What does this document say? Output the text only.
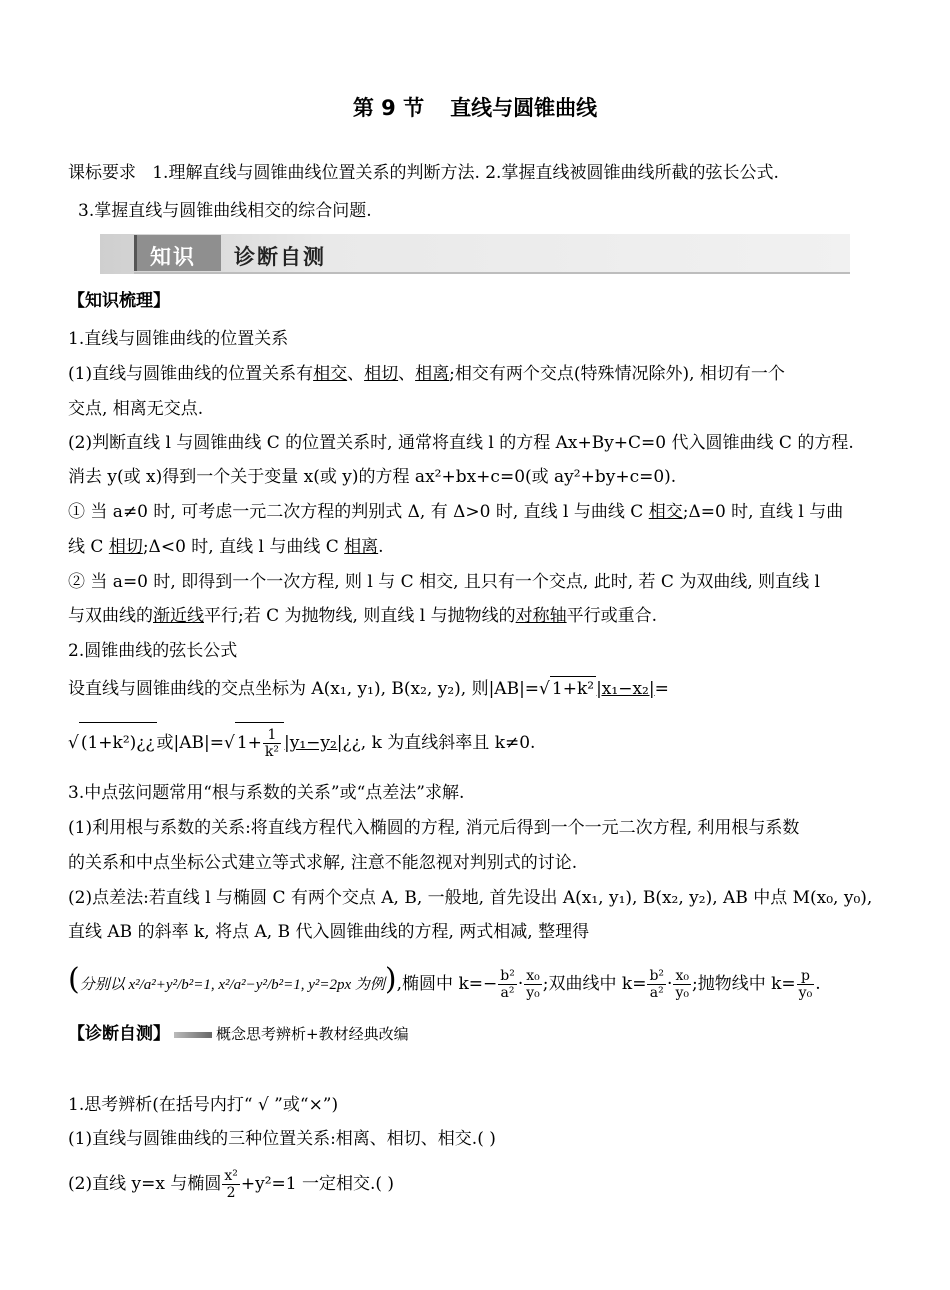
第 9 节 直线与圆锥曲线
课标要求 1.理解直线与圆锥曲线位置关系的判断方法. 2.掌握直线被圆锥曲线所截的弦长公式.
3.掌握直线与圆锥曲线相交的综合问题.
知识 诊断自测
【知识梳理】
1.直线与圆锥曲线的位置关系
(1)直线与圆锥曲线的位置关系有相交、相切、相离;相交有两个交点(特殊情况除外), 相切有一个
交点, 相离无交点.
(2)判断直线 l 与圆锥曲线 C 的位置关系时, 通常将直线 l 的方程 Ax+By+C=0 代入圆锥曲线 C 的方程.
消去 y(或 x)得到一个关于变量 x(或 y)的方程 ax²+bx+c=0(或 ay²+by+c=0).
① 当 a≠0 时, 可考虑一元二次方程的判别式 Δ, 有 Δ>0 时, 直线 l 与曲线 C 相交;Δ=0 时, 直线 l 与曲
线 C 相切;Δ<0 时, 直线 l 与曲线 C 相离.
② 当 a=0 时, 即得到一个一次方程, 则 l 与 C 相交, 且只有一个交点, 此时, 若 C 为双曲线, 则直线 l
与双曲线的渐近线平行;若 C 为抛物线, 则直线 l 与抛物线的对称轴平行或重合.
2.圆锥曲线的弦长公式
设直线与圆锥曲线的交点坐标为 A(x₁, y₁), B(x₂, y₂), 则|AB|=√ 1+k² |x₁−x₂|=
√ (1+k²)¿¿ 或|AB|=√ $1+ \frac{1}{\text{k²}}$ |y₁−y₂|¿¿, k 为直线斜率且 k≠0.
3.中点弦问题常用“根与系数的关系”或“点差法”求解.
(1)利用根与系数的关系:将直线方程代入椭圆的方程, 消元后得到一个一元二次方程, 利用根与系数
的关系和中点坐标公式建立等式求解, 注意不能忽视对判别式的讨论.
(2)点差法:若直线 l 与椭圆 C 有两个交点 A, B, 一般地, 首先设出 A(x₁, y₁), B(x₂, y₂), AB 中点 M(x₀, y₀),
直线 AB 的斜率 k, 将点 A, B 代入圆锥曲线的方程, 两式相减, 整理得
(分别以 x²/a²+y²/b²=1, x²/a²−y²/b²=1, y²=2px 为例),椭圆中 $k=- \frac{\text{b²}}{\text{a²}} \cdot \frac{\text{x₀}}{\text{y₀}}$ ;双曲线中 $k= \frac{\text{b²}}{\text{a²}} \cdot \frac{\text{x₀}}{\text{y₀}}$ ;抛物线中 $k= \frac{p}{\text{y₀}}$ .
【诊断自测】	概念思考辨析+教材经典改编
1.思考辨析(在括号内打“ √ ”或“×”)
(1)直线与圆锥曲线的三种位置关系:相离、相切、相交.( )
(2)直线 y=x 与椭圆 $\frac{\text{x²}}{2} +y^2=1$ 一定相交.( )
